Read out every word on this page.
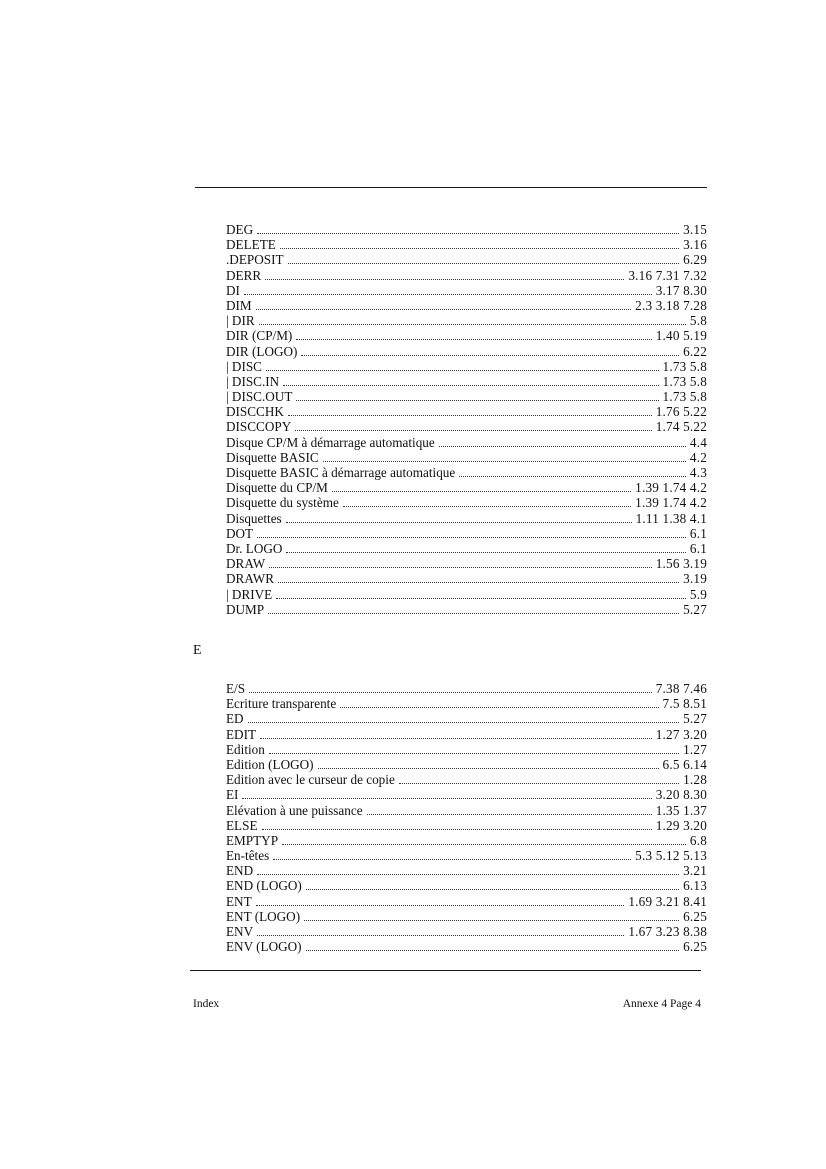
DEG	3.15
DELETE	3.16
.DEPOSIT	6.29
DERR	3.16 7.31 7.32
DI	3.17 8.30
DIM	2.3 3.18 7.28
| DIR	5.8
DIR (CP/M)	1.40 5.19
DIR (LOGO)	6.22
| DISC	1.73 5.8
| DISC.IN	1.73 5.8
| DISC.OUT	1.73 5.8
DISCCHK	1.76 5.22
DISCCOPY	1.74 5.22
Disque CP/M à démarrage automatique	4.4
Disquette BASIC	4.2
Disquette BASIC à démarrage automatique	4.3
Disquette du CP/M	1.39 1.74 4.2
Disquette du système	1.39 1.74 4.2
Disquettes	1.11 1.38 4.1
DOT	6.1
Dr. LOGO	6.1
DRAW	1.56 3.19
DRAWR	3.19
| DRIVE	5.9
DUMP	5.27
E
E/S	7.38 7.46
Ecriture transparente	7.5 8.51
ED	5.27
EDIT	1.27 3.20
Edition	1.27
Edition (LOGO)	6.5 6.14
Edition avec le curseur de copie	1.28
EI	3.20 8.30
Elévation à une puissance	1.35 1.37
ELSE	1.29 3.20
EMPTYP	6.8
En-têtes	5.3 5.12 5.13
END	3.21
END (LOGO)	6.13
ENT	1.69 3.21 8.41
ENT (LOGO)	6.25
ENV	1.67 3.23 8.38
ENV (LOGO)	6.25
Index	Annexe 4 Page 4
